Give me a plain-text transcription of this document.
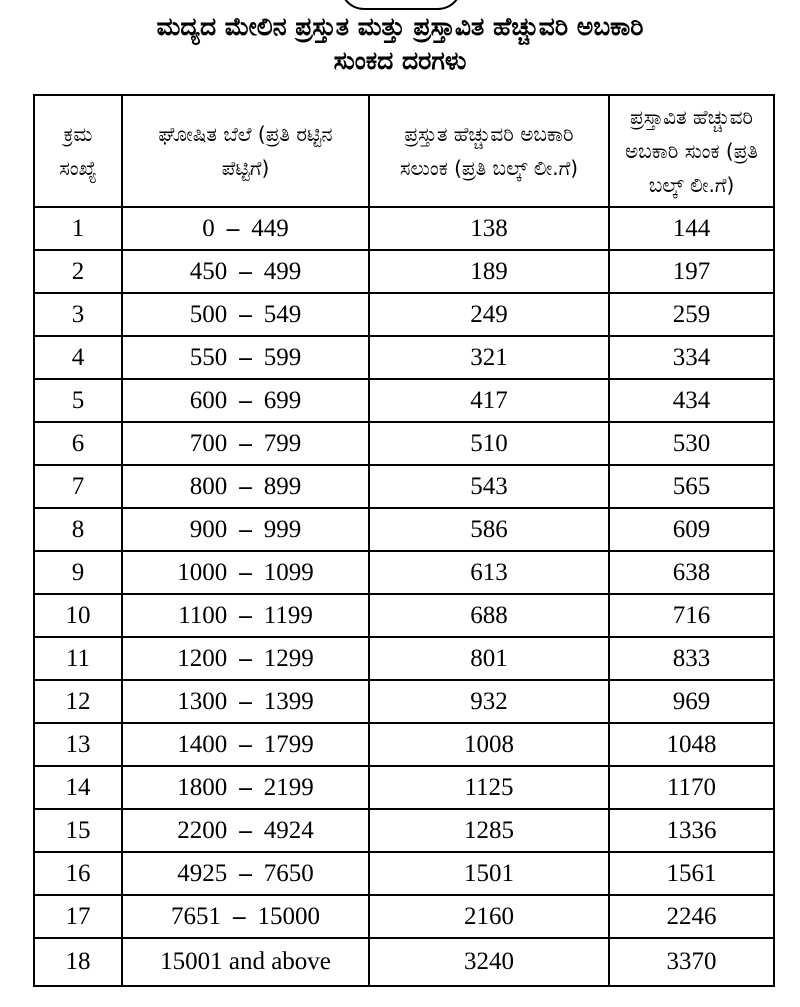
ಮದ್ಯದ ಮೇಲಿನ ಪ್ರಸ್ತುತ ಮತ್ತು ಪ್ರಸ್ತಾವಿತ ಹೆಚ್ಚುವರಿ ಅಬಕಾರಿ
ಸುಂಕದ ದರಗಳು
ಕ್ರಮ ಸಂಖ್ಯೆ	ಘೋಷಿತ ಬೆಲೆ (ಪ್ರತಿ ರಟ್ಟಿನ ಪೆಟ್ಟಿಗೆ)	ಪ್ರಸ್ತುತ ಹೆಚ್ಚುವರಿ ಅಬಕಾರಿ ಸಲುಂಕ (ಪ್ರತಿ ಬಲ್ಕ್ ಲೀ.ಗೆ)	ಪ್ರಸ್ತಾವಿತ ಹೆಚ್ಚುವರಿ ಅಬಕಾರಿ ಸುಂಕ (ಪ್ರತಿ ಬಲ್ಕ್ ಲೀ.ಗೆ)
1	0 – 449	138	144
2	450 – 499	189	197
3	500 – 549	249	259
4	550 – 599	321	334
5	600 – 699	417	434
6	700 – 799	510	530
7	800 – 899	543	565
8	900 – 999	586	609
9	1000 – 1099	613	638
10	1100 – 1199	688	716
11	1200 – 1299	801	833
12	1300 – 1399	932	969
13	1400 – 1799	1008	1048
14	1800 – 2199	1125	1170
15	2200 – 4924	1285	1336
16	4925 – 7650	1501	1561
17	7651 – 15000	2160	2246
18	15001 and above	3240	3370
